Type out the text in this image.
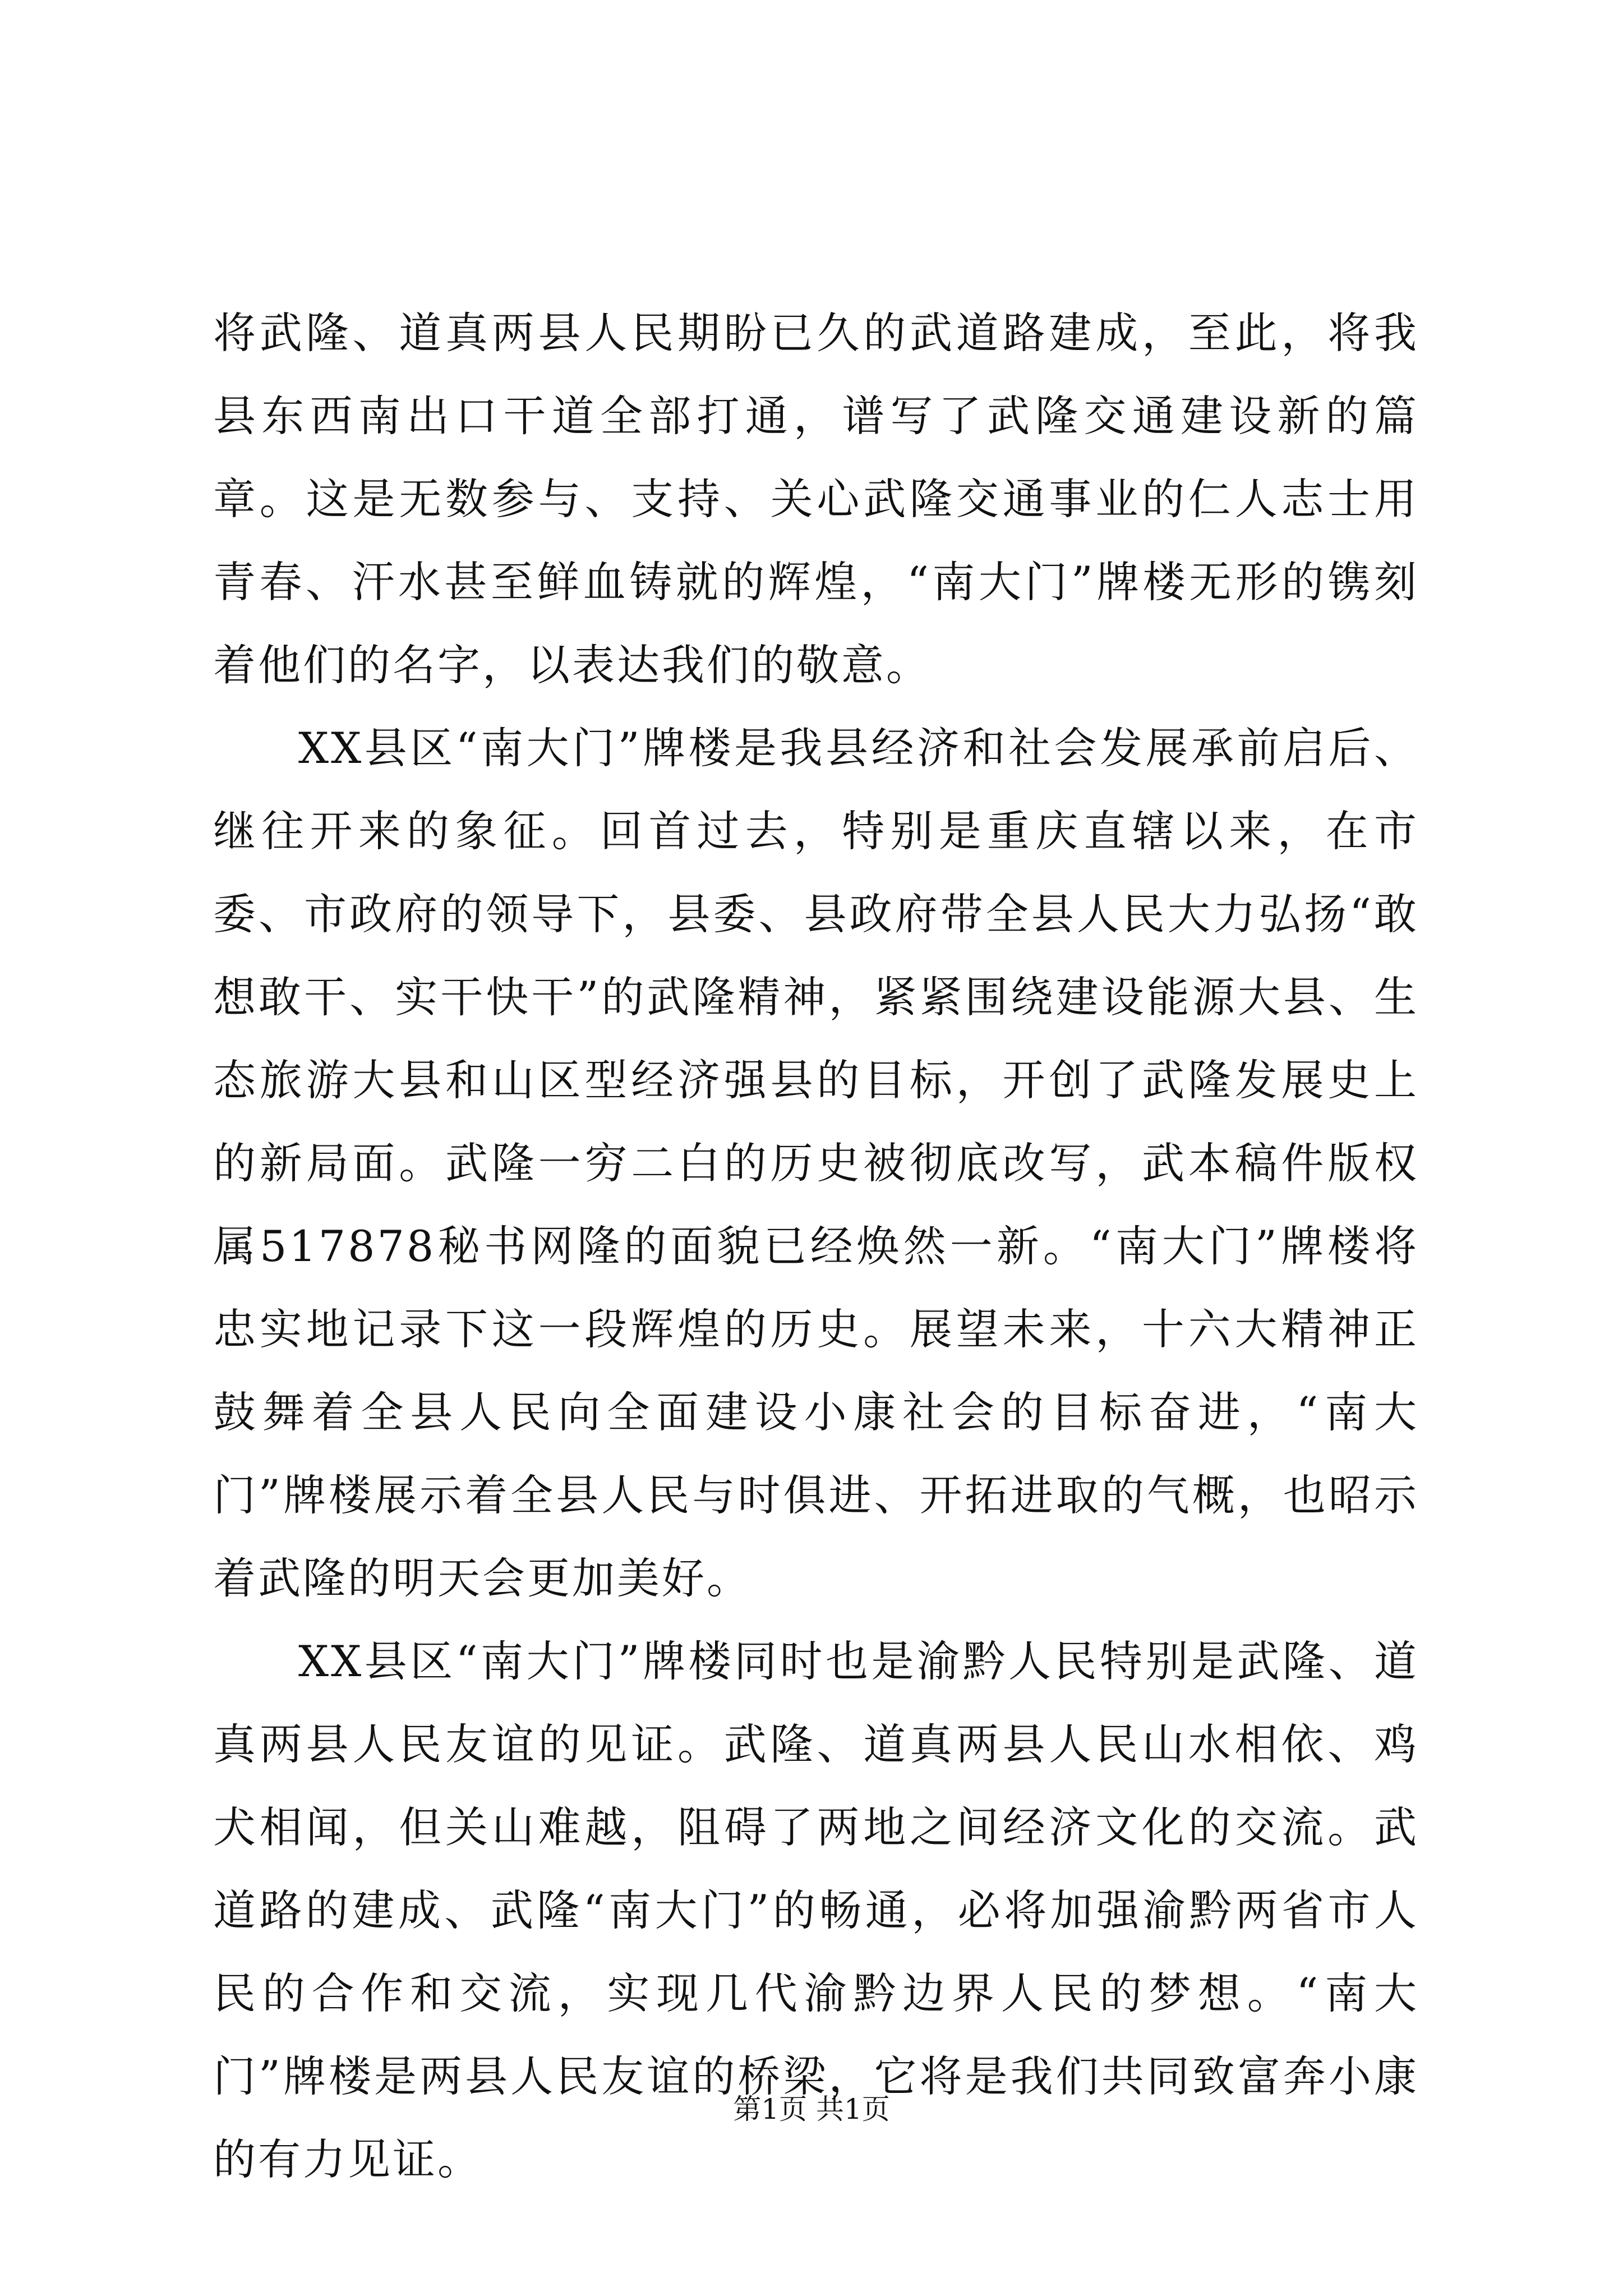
将武隆、道真两县人民期盼已久的武道路建成，至此，将我县东西南出口干道全部打通，谱写了武隆交通建设新的篇章。这是无数参与、支持、关心武隆交通事业的仁人志士用青春、汗水甚至鲜血铸就的辉煌，“南大门”牌楼无形的镌刻着他们的名字，以表达我们的敬意。

XX县区“南大门”牌楼是我县经济和社会发展承前启后、继往开来的象征。回首过去，特别是重庆直辖以来，在市委、市政府的领导下，县委、县政府带全县人民大力弘扬“敢想敢干、实干快干”的武隆精神，紧紧围绕建设能源大县、生态旅游大县和山区型经济强县的目标，开创了武隆发展史上的新局面。武隆一穷二白的历史被彻底改写，武本稿件版权属517878秘书网隆的面貌已经焕然一新。“南大门”牌楼将忠实地记录下这一段辉煌的历史。展望未来，十六大精神正鼓舞着全县人民向全面建设小康社会的目标奋进，“南大门”牌楼展示着全县人民与时俱进、开拓进取的气概，也昭示着武隆的明天会更加美好。

XX县区“南大门”牌楼同时也是渝黔人民特别是武隆、道真两县人民友谊的见证。武隆、道真两县人民山水相依、鸡犬相闻，但关山难越，阻碍了两地之间经济文化的交流。武道路的建成、武隆“南大门”的畅通，必将加强渝黔两省市人民的合作和交流，实现几代渝黔边界人民的梦想。“南大门”牌楼是两县人民友谊的桥梁，它将是我们共同致富奔小康的有力见证。

第1页 共1页
